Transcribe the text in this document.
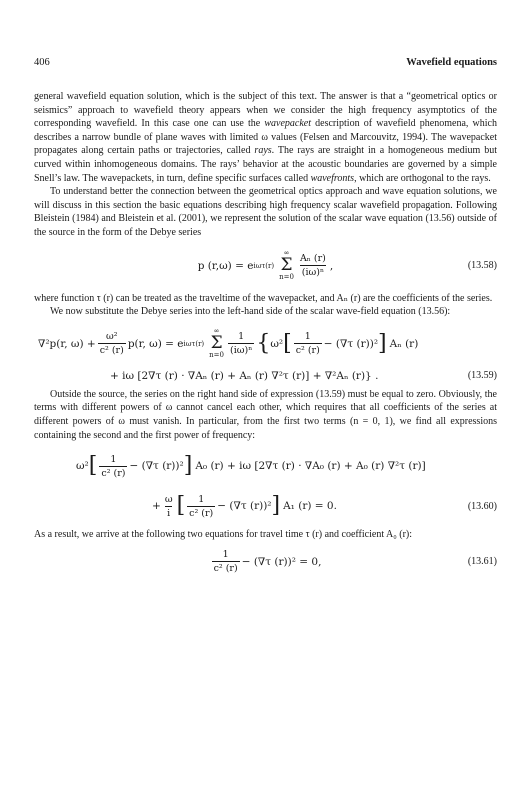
406	Wavefield equations

general wavefield equation solution, which is the subject of this text. The answer is that a “geometrical optics or seismics” approach to wavefield theory appears when we consider the high frequency asymptotics of the corresponding wavefield. In this case one can use the wavepacket description of wavefield phenomena, which describes a narrow bundle of plane waves with limited ω values (Felsen and Marcouvitz, 1994). The wavepacket propagates along certain paths or trajectories, called rays. The rays are straight in a homogeneous medium but curved within inhomogeneous domains. The rays’ behavior at the acoustic boundaries are governed by a simple Snell’s law. The wavepackets, in turn, define specific surfaces called wavefronts, which are orthogonal to the rays.

To understand better the connection between the geometrical optics approach and wave equation solutions, we will discuss in this section the basic equations describing high frequency scalar wavefield propagation. Following Bleistein (1984) and Bleistein et al. (2001), we represent the solution of the scalar wave equation (13.56) outside of the source in the form of the Debye series

p (r,ω) = e iωτ(r)
∞
Σ
$n=0 \frac{\text{Aₙ (r)}}{\text{(iω)ⁿ}}$ ,	(13.58)

where function τ (r) can be treated as the traveltime of the wavepacket, and Aₙ (r) are the coefficients of the series.

We now substitute the Debye series into the left-hand side of the scalar wave-field equation (13.56):

∇²p(r, $\omega) + \frac{\text{ω²}}{\text{c² (r)}} p(r$, ω) = e iωτ(r)
∞
Σ
$n=0 \frac{1}{\text{(iω)ⁿ}}$ { ω² [ $\frac{1}{\text{c² (r)}} - (\nabla\tau$ (r))² ] Aₙ (r)
+ iω [2∇τ (r) · ∇Aₙ (r) + Aₙ (r) ∇²τ (r)] + ∇²Aₙ (r)} .	(13.59)

Outside the source, the series on the right hand side of expression (13.59) must be equal to zero. Obviously, the terms with different powers of ω cannot cancel each other, which requires that all coefficients of the series at different powers of ω must vanish. In particular, from the first two terms (n = 0, 1), we find all expressions containing the second and the first power of frequency:

ω² [ $\frac{1}{\text{c² (r)}} - (\nabla\tau$ (r))² ] A₀ (r) + iω [2∇τ (r) · ∇A₀ (r) + A₀ (r) ∇²τ (r)]
+ $\frac{\omega}{i}$ [ $\frac{1}{\text{c² (r)}} - (\nabla\tau$ (r))² ] A₁ (r) = 0.	(13.60)

As a result, we arrive at the following two equations for travel time τ (r) and coefficient A₀ (r):

$\frac{1}{\text{c² (r)}} - (\nabla\tau$ (r))² = 0,	(13.61)
